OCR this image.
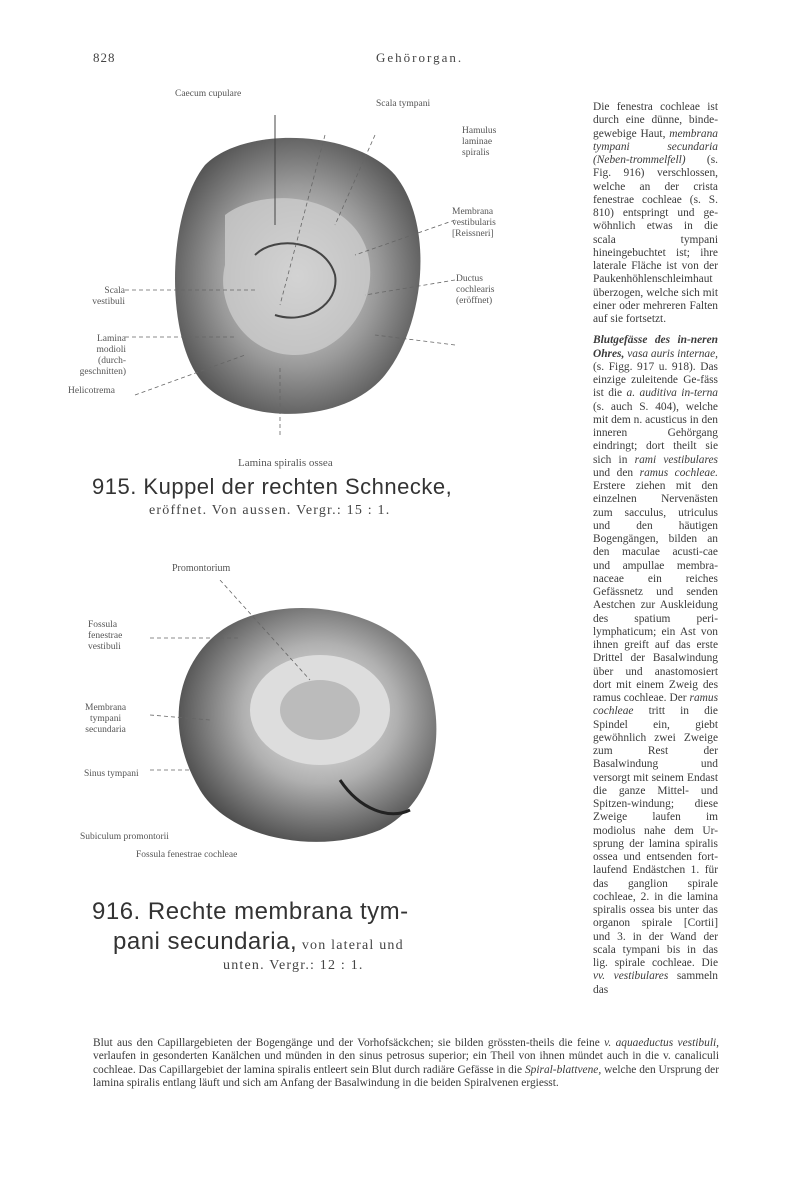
828	Gehörorgan.
Caecum cupulare
Scala tympani
Hamulus
laminae
spiralis
Membrana
vestibularis
[Reissneri]
Ductus
cochlearis
(eröffnet)
Scala
vestibuli
Lamina
modioli
(durch-
geschnitten)
Helicotrema
Lamina spiralis ossea
915. Kuppel der rechten Schnecke,
eröffnet. Von aussen. Vergr.: 15 : 1.
Promontorium
Fossula
fenestrae
vestibuli
Membrana
tympani
secundaria
Sinus tympani
Subiculum promontorii
Fossula fenestrae cochleae
916. Rechte membrana tym-
pani secundaria, von lateral und
unten. Vergr.: 12 : 1.

Die fenestra cochleae ist durch eine dünne, binde-gewebige Haut, membrana tympani secundaria (Neben-trommelfell) (s. Fig. 916) verschlossen, welche an der crista fenestrae cochleae (s. S. 810) entspringt und ge-wöhnlich etwas in die scala tympani hineingebuchtet ist; ihre laterale Fläche ist von der Paukenhöhlenschleimhaut überzogen, welche sich mit einer oder mehreren Falten auf sie fortsetzt.

Blutgefässe des in-neren Ohres, vasa auris internae, (s. Figg. 917 u. 918). Das einzige zuleitende Ge-fäss ist die a. auditiva in-terna (s. auch S. 404), welche mit dem n. acusticus in den inneren Gehörgang eindringt; dort theilt sie sich in rami vestibulares und den ramus cochleae. Erstere ziehen mit den einzelnen Nervenästen zum sacculus, utriculus und den häutigen Bogengängen, bilden an den maculae acusti-cae und ampullae membra-naceae ein reiches Gefässnetz und senden Aestchen zur Auskleidung des spatium peri-lymphaticum; ein Ast von ihnen greift auf das erste Drittel der Basalwindung über und anastomosiert dort mit einem Zweig des ramus cochleae. Der ramus cochleae tritt in die Spindel ein, giebt gewöhnlich zwei Zweige zum Rest der Basalwindung und versorgt mit seinem Endast die ganze Mittel- und Spitzen-windung; diese Zweige laufen im modiolus nahe dem Ur-sprung der lamina spiralis ossea und entsenden fort-laufend Endästchen 1. für das ganglion spirale cochleae, 2. in die lamina spiralis ossea bis unter das organon spirale [Cortii] und 3. in der Wand der scala tympani bis in das lig. spirale cochleae. Die vv. vestibulares sammeln das

Blut aus den Capillargebieten der Bogengänge und der Vorhofsäckchen; sie bilden grössten-theils die feine v. aquaeductus vestibuli, verlaufen in gesonderten Kanälchen und münden in den sinus petrosus superior; ein Theil von ihnen mündet auch in die v. canaliculi cochleae. Das Capillargebiet der lamina spiralis entleert sein Blut durch radiäre Gefässe in die Spiral-blattvene, welche den Ursprung der lamina spiralis entlang läuft und sich am Anfang der Basalwindung in die beiden Spiralvenen ergiesst.
